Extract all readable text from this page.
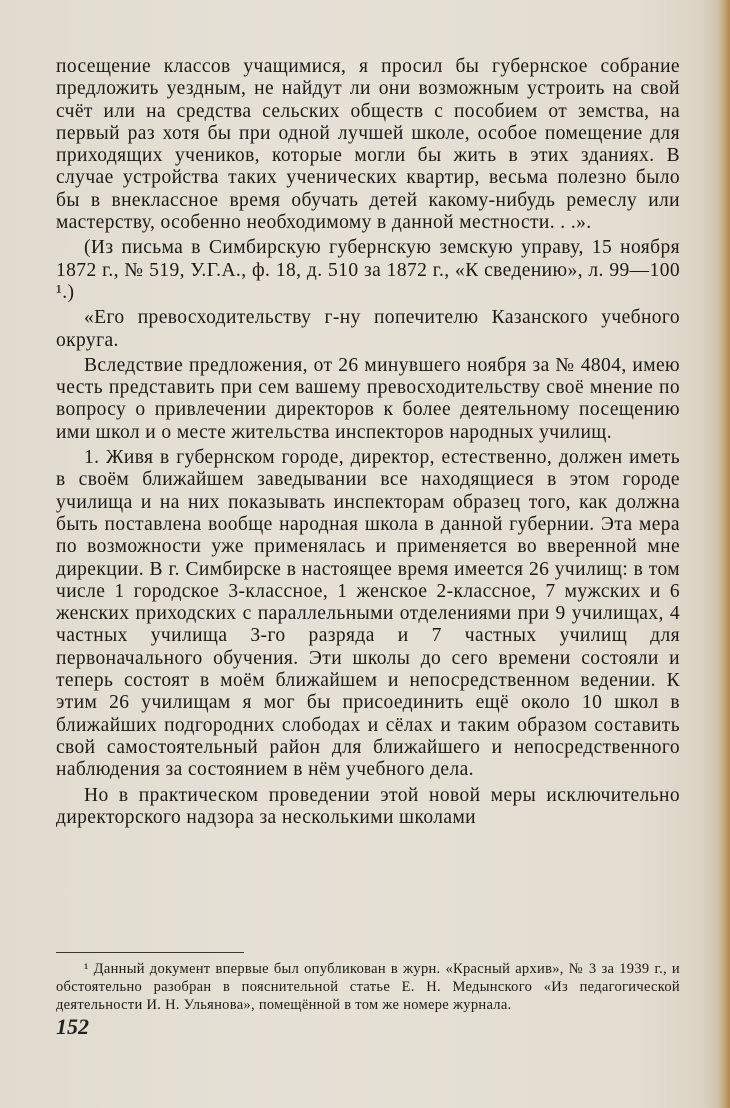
посещение классов учащимися, я просил бы губернское собрание предложить уездным, не найдут ли они возможным устроить на свой счёт или на средства сельских обществ с пособием от земства, на первый раз хотя бы при одной лучшей школе, особое помещение для приходящих учеников, которые могли бы жить в этих зданиях. В случае устройства таких ученических квартир, весьма полезно было бы в внеклассное время обучать детей какому-нибудь ремеслу или мастерству, особенно необходимому в данной местности. . .».

(Из письма в Симбирскую губернскую земскую управу, 15 ноября 1872 г., № 519, У.Г.А., ф. 18, д. 510 за 1872 г., «К сведению», л. 99—100 ¹.)

«Его превосходительству г-ну попечителю Казанского учебного округа.

Вследствие предложения, от 26 минувшего ноября за № 4804, имею честь представить при сем вашему превосходительству своё мнение по вопросу о привлечении директоров к более деятельному посещению ими школ и о месте жительства инспекторов народных училищ.

1. Живя в губернском городе, директор, естественно, должен иметь в своём ближайшем заведывании все находящиеся в этом городе училища и на них показывать инспекторам образец того, как должна быть поставлена вообще народная школа в данной губернии. Эта мера по возможности уже применялась и применяется во вверенной мне дирекции. В г. Симбирске в настоящее время имеется 26 училищ: в том числе 1 городское 3-классное, 1 женское 2-классное, 7 мужских и 6 женских приходских с параллельными отделениями при 9 училищах, 4 частных училища 3-го разряда и 7 частных училищ для первоначального обучения. Эти школы до сего времени состояли и теперь состоят в моём ближайшем и непосредственном ведении. К этим 26 училищам я мог бы присоединить ещё около 10 школ в ближайших подгородних слободах и сёлах и таким образом составить свой самостоятельный район для ближайшего и непосредственного наблюдения за состоянием в нём учебного дела.

Но в практическом проведении этой новой меры исключительно директорского надзора за несколькими школами

¹ Данный документ впервые был опубликован в журн. «Красный архив», № 3 за 1939 г., и обстоятельно разобран в пояснительной статье Е. Н. Медынского «Из педагогической деятельности И. Н. Ульянова», помещённой в том же номере журнала.
152
